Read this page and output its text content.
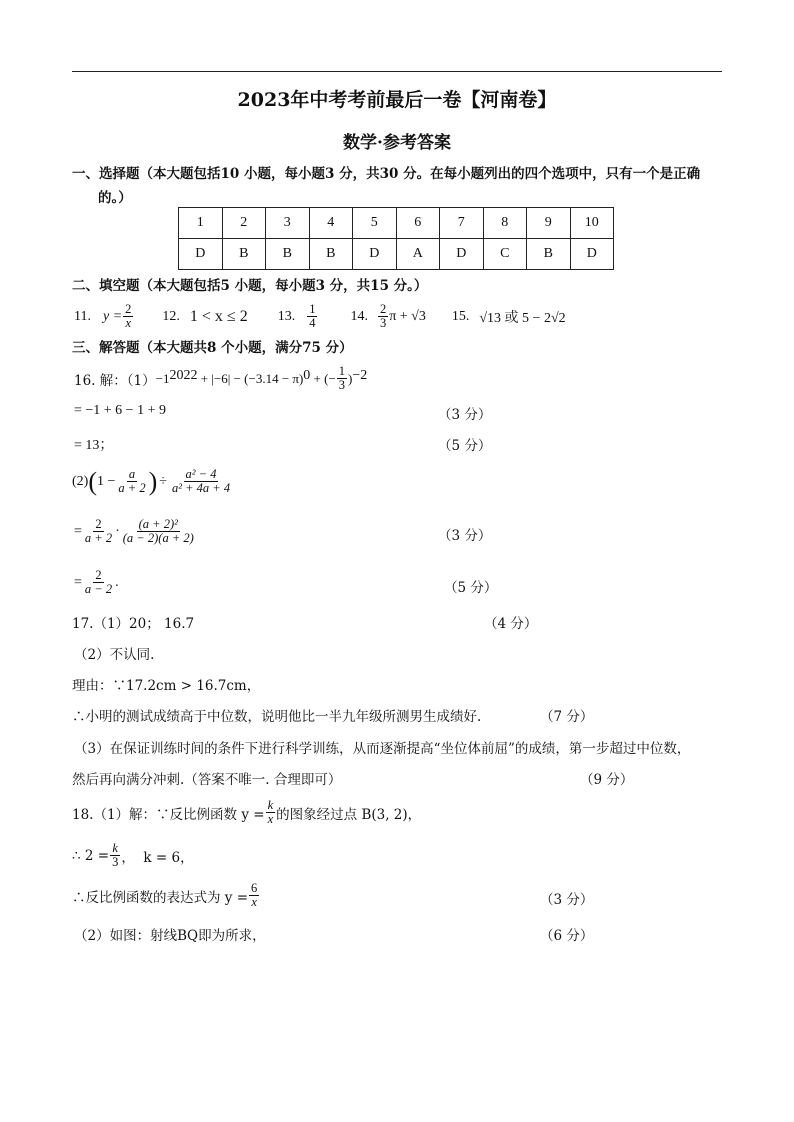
2023年中考考前最后一卷【河南卷】
数学·参考答案
一、选择题（本大题包括10 小题，每小题3 分，共30 分。在每小题列出的四个选项中，只有一个是正确
的。）
1	2	3	4	5	6	7	8	9	10
D	B	B	B	D	A	D	C	B	D
二、填空题（本大题包括5 小题，每小题3 分，共15 分。）
11. $y = \frac{2}{x} 12$. 1 < x ≤ 2 13. $\frac{1}{4} 14$. $\frac{2}{3}$ π + √3 15. √13 或 5 − 2√2
三、解答题（本大题共8 个小题，满分75 分）
16. 解：（1） −1 2022 + |−6| − (−3.14 − π) 0 + (− $\frac{1}{3}$ ) −2
= −1 + 6 − 1 + 9	（3 分）
= 13；	（5 分）
(2) ( $1 - \frac{a}{a + 2}$ ) ÷ $\frac{\text{a² − 4}}{\text{a² + 4a + 4}}$
= $\frac{2}{a + 2} \cdot \frac{\text{(a + 2)²}}{(a - 2)(a + 2)}$	（3 分）
= $\frac{2}{a - 2}$ .	（5 分）
17.（1）20； 16.7	（4 分）
（2）不认同.
理由：∵17.2cm > 16.7cm，
∴小明的测试成绩高于中位数，说明他比一半九年级所测男生成绩好.	（7 分）
（3）在保证训练时间的条件下进行科学训练，从而逐渐提高“坐位体前屈”的成绩，第一步超过中位数，
然后再向满分冲刺.（答案不唯一. 合理即可）	（9 分）
18.（1）解：∵反比例函数 $y = \frac{k}{x}$ 的图象经过点 B(3, 2)，
∴ $2 = \frac{k}{3}$ ，  k = 6，
∴反比例函数的表达式为 $y = \frac{6}{x}$	（3 分）
（2）如图：射线BQ即为所求，	（6 分）
